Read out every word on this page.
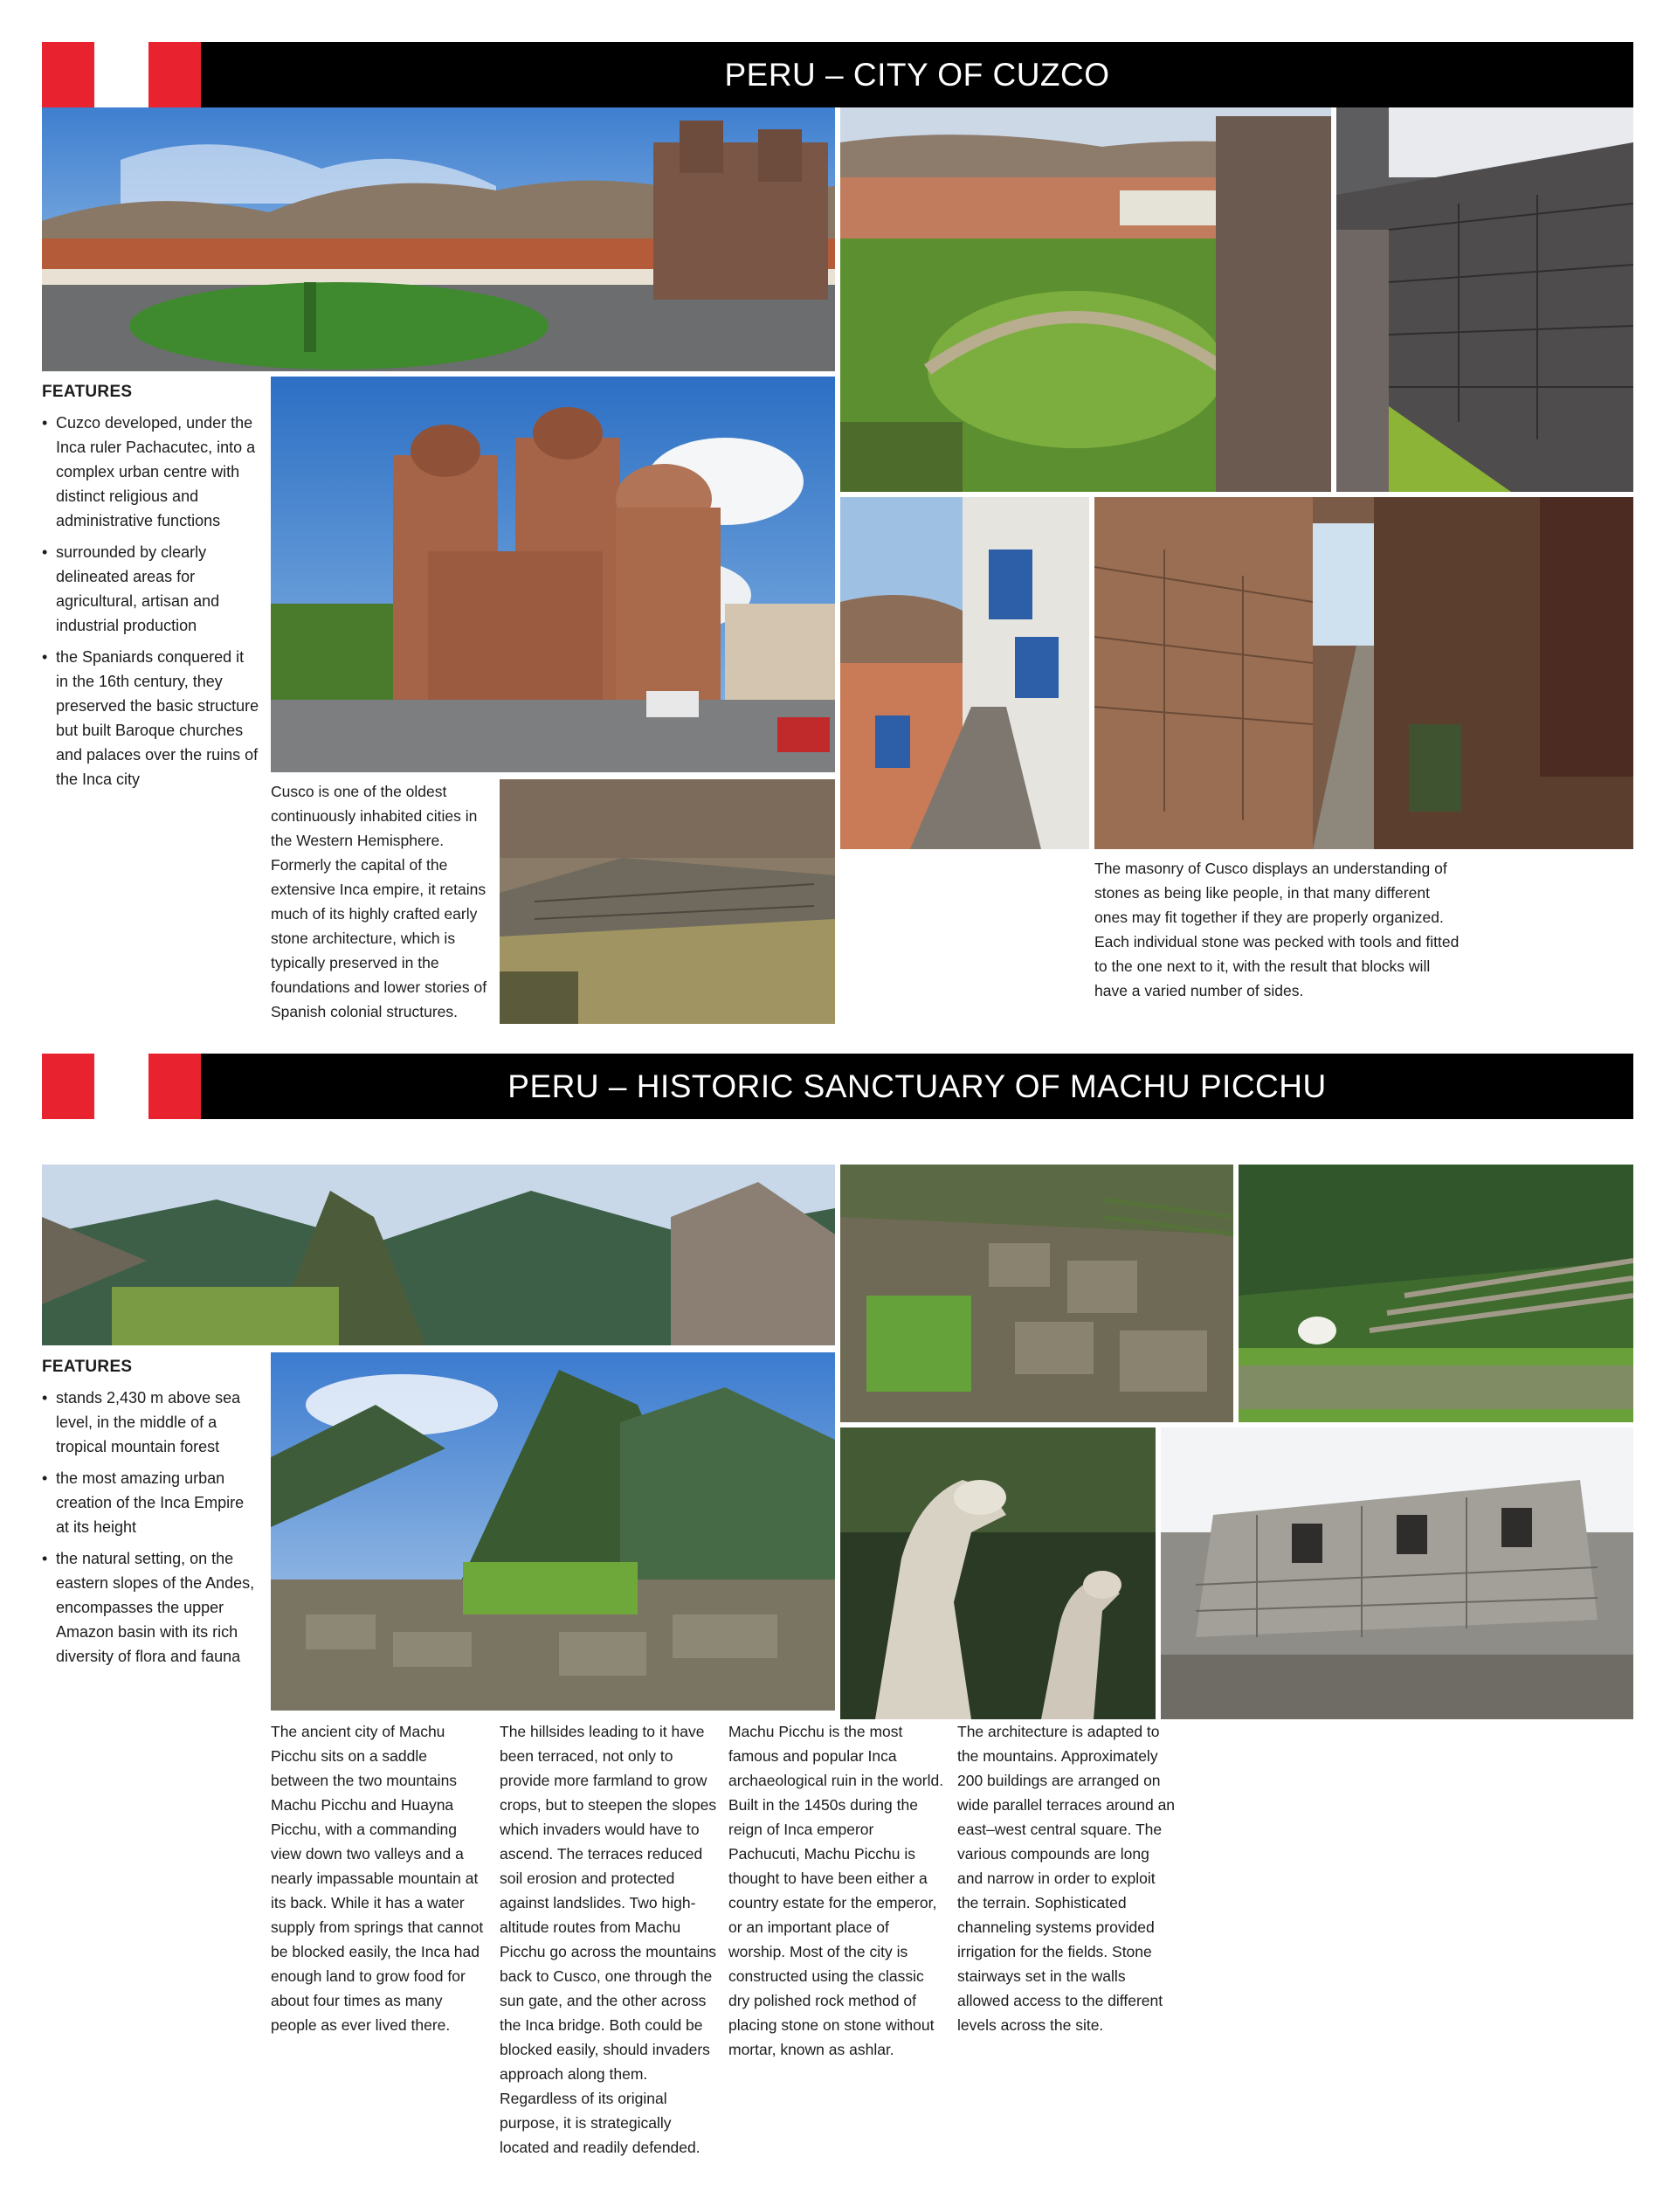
PERU – CITY OF CUZCO
FEATURES
• Cuzco developed, under the Inca ruler Pachacutec, into a complex urban centre with distinct religious and administrative functions
• surrounded by clearly delineated areas for agricultural, artisan and industrial production
• the Spaniards conquered it in the 16th century, they preserved the basic structure but built Baroque churches and palaces over the ruins of the Inca city

Cusco is one of the oldest continuously inhabited cities in the Western Hemisphere. Formerly the capital of the extensive Inca empire, it retains much of its highly crafted early stone architecture, which is typically preserved in the foundations and lower stories of Spanish colonial structures.

The masonry of Cusco displays an understanding of stones as being like people, in that many different ones may fit together if they are properly organized. Each individual stone was pecked with tools and fitted to the one next to it, with the result that blocks will have a varied number of sides.

PERU – HISTORIC SANCTUARY OF MACHU PICCHU
FEATURES
• stands 2,430 m above sea level, in the middle of a tropical mountain forest
• the most amazing urban creation of the Inca Empire at its height
• the natural setting, on the eastern slopes of the Andes, encompasses the upper Amazon basin with its rich diversity of flora and fauna

The ancient city of Machu Picchu sits on a saddle between the two mountains Machu Picchu and Huayna Picchu, with a commanding view down two valleys and a nearly impassable mountain at its back. While it has a water supply from springs that cannot be blocked easily, the Inca had enough land to grow food for about four times as many people as ever lived there.

The hillsides leading to it have been terraced, not only to provide more farmland to grow crops, but to steepen the slopes which invaders would have to ascend. The terraces reduced soil erosion and protected against landslides. Two high-altitude routes from Machu Picchu go across the mountains back to Cusco, one through the sun gate, and the other across the Inca bridge. Both could be blocked easily, should invaders approach along them. Regardless of its original purpose, it is strategically located and readily defended.

Machu Picchu is the most famous and popular Inca archaeological ruin in the world. Built in the 1450s during the reign of Inca emperor Pachucuti, Machu Picchu is thought to have been either a country estate for the emperor, or an important place of worship. Most of the city is constructed using the classic dry polished rock method of placing stone on stone without mortar, known as ashlar.

The architecture is adapted to the mountains. Approximately 200 buildings are arranged on wide parallel terraces around an east–west central square. The various compounds are long and narrow in order to exploit the terrain. Sophisticated channeling systems provided irrigation for the fields. Stone stairways set in the walls allowed access to the different levels across the site.
